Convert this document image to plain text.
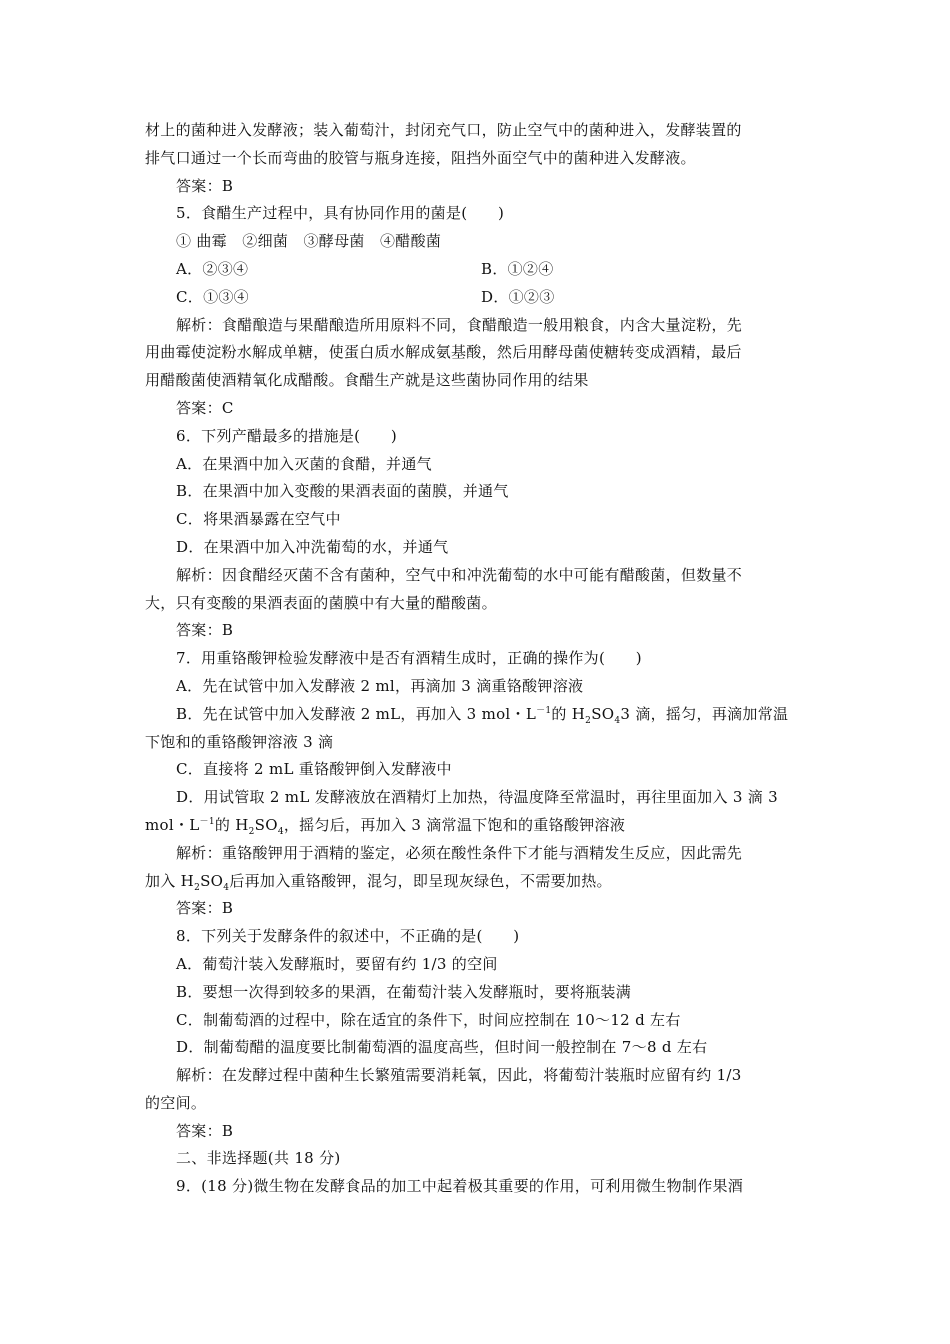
材上的菌种进入发酵液；装入葡萄汁，封闭充气口，防止空气中的菌种进入，发酵装置的
排气口通过一个长而弯曲的胶管与瓶身连接，阻挡外面空气中的菌种进入发酵液。
答案：B
5．食醋生产过程中，具有协同作用的菌是(　　)
① 曲霉　②细菌　③酵母菌　④醋酸菌
A．②③④	B．①②④
C．①③④	D．①②③
解析：食醋酿造与果醋酿造所用原料不同，食醋酿造一般用粮食，内含大量淀粉，先
用曲霉使淀粉水解成单糖，使蛋白质水解成氨基酸，然后用酵母菌使糖转变成酒精，最后
用醋酸菌使酒精氧化成醋酸。食醋生产就是这些菌协同作用的结果
答案：C
6．下列产醋最多的措施是(　　)
A．在果酒中加入灭菌的食醋，并通气
B．在果酒中加入变酸的果酒表面的菌膜，并通气
C．将果酒暴露在空气中
D．在果酒中加入冲洗葡萄的水，并通气
解析：因食醋经灭菌不含有菌种，空气中和冲洗葡萄的水中可能有醋酸菌，但数量不
大，只有变酸的果酒表面的菌膜中有大量的醋酸菌。
答案：B
7．用重铬酸钾检验发酵液中是否有酒精生成时，正确的操作为(　　)
A．先在试管中加入发酵液 2 ml，再滴加 3 滴重铬酸钾溶液
B．先在试管中加入发酵液 2 mL，再加入 3 mol・$L^{-1}$的 $H_2SO_43$ 滴，摇匀，再滴加常温
下饱和的重铬酸钾溶液 3 滴
C．直接将 2 mL 重铬酸钾倒入发酵液中
D．用试管取 2 mL 发酵液放在酒精灯上加热，待温度降至常温时，再往里面加入 3 滴 3
mol・$L^{-1}$的 $H_2SO_4$，摇匀后，再加入 3 滴常温下饱和的重铬酸钾溶液
解析：重铬酸钾用于酒精的鉴定，必须在酸性条件下才能与酒精发生反应，因此需先
加入 $H_2SO_4$后再加入重铬酸钾，混匀，即呈现灰绿色，不需要加热。
答案：B
8．下列关于发酵条件的叙述中，不正确的是(　　)
A．葡萄汁装入发酵瓶时，要留有约 1/3 的空间
B．要想一次得到较多的果酒，在葡萄汁装入发酵瓶时，要将瓶装满
C．制葡萄酒的过程中，除在适宜的条件下，时间应控制在 10～12 d 左右
D．制葡萄醋的温度要比制葡萄酒的温度高些，但时间一般控制在 7～8 d 左右
解析：在发酵过程中菌种生长繁殖需要消耗氧，因此，将葡萄汁装瓶时应留有约 1/3
的空间。
答案：B
二、非选择题(共 18 分)
9．(18 分)微生物在发酵食品的加工中起着极其重要的作用，可利用微生物制作果酒
